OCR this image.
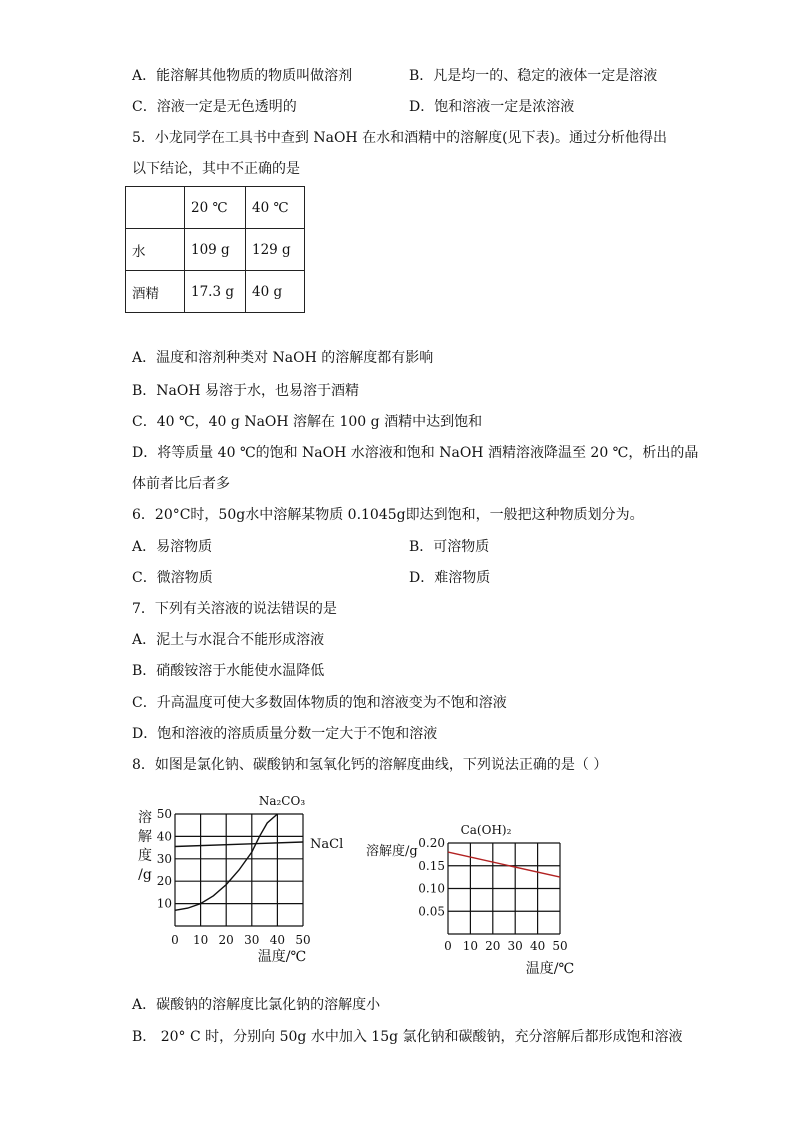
A．能溶解其他物质的物质叫做溶剂	B．凡是均一的、稳定的液体一定是溶液
C．溶液一定是无色透明的	D．饱和溶液一定是浓溶液
5．小龙同学在工具书中查到 NaOH 在水和酒精中的溶解度(见下表)。通过分析他得出
以下结论，其中不正确的是
	20 ℃	40 ℃
水	109 g	129 g
酒精	17.3 g	40 g
A．温度和溶剂种类对 NaOH 的溶解度都有影响
B．NaOH 易溶于水，也易溶于酒精
C．40 ℃，40 g NaOH 溶解在 100 g 酒精中达到饱和
D．将等质量 40 ℃的饱和 NaOH 水溶液和饱和 NaOH 酒精溶液降温至 20 ℃，析出的晶
体前者比后者多
6．20°C时，50g水中溶解某物质 0.1045g即达到饱和，一般把这种物质划分为。
A．易溶物质	B．可溶物质
C．微溶物质	D．难溶物质
7．下列有关溶液的说法错误的是
A．泥土与水混合不能形成溶液
B．硝酸铵溶于水能使水温降低
C．升高温度可使大多数固体物质的饱和溶液变为不饱和溶液
D．饱和溶液的溶质质量分数一定大于不饱和溶液
8．如图是氯化钠、碳酸钠和氢氧化钙的溶解度曲线，下列说法正确的是（ ）
0 10 20 30 40 50
10
20
30
40
50
溶
解
度
/g
温度/℃
Na₂CO₃
NaCl
0 10 20 30 40 50
0.05
0.10
0.15
0.20
溶解度/g
温度/℃
Ca(OH)₂
A．碳酸钠的溶解度比氯化钠的溶解度小
B． 20° C 时，分别向 50g 水中加入 15g 氯化钠和碳酸钠，充分溶解后都形成饱和溶液
